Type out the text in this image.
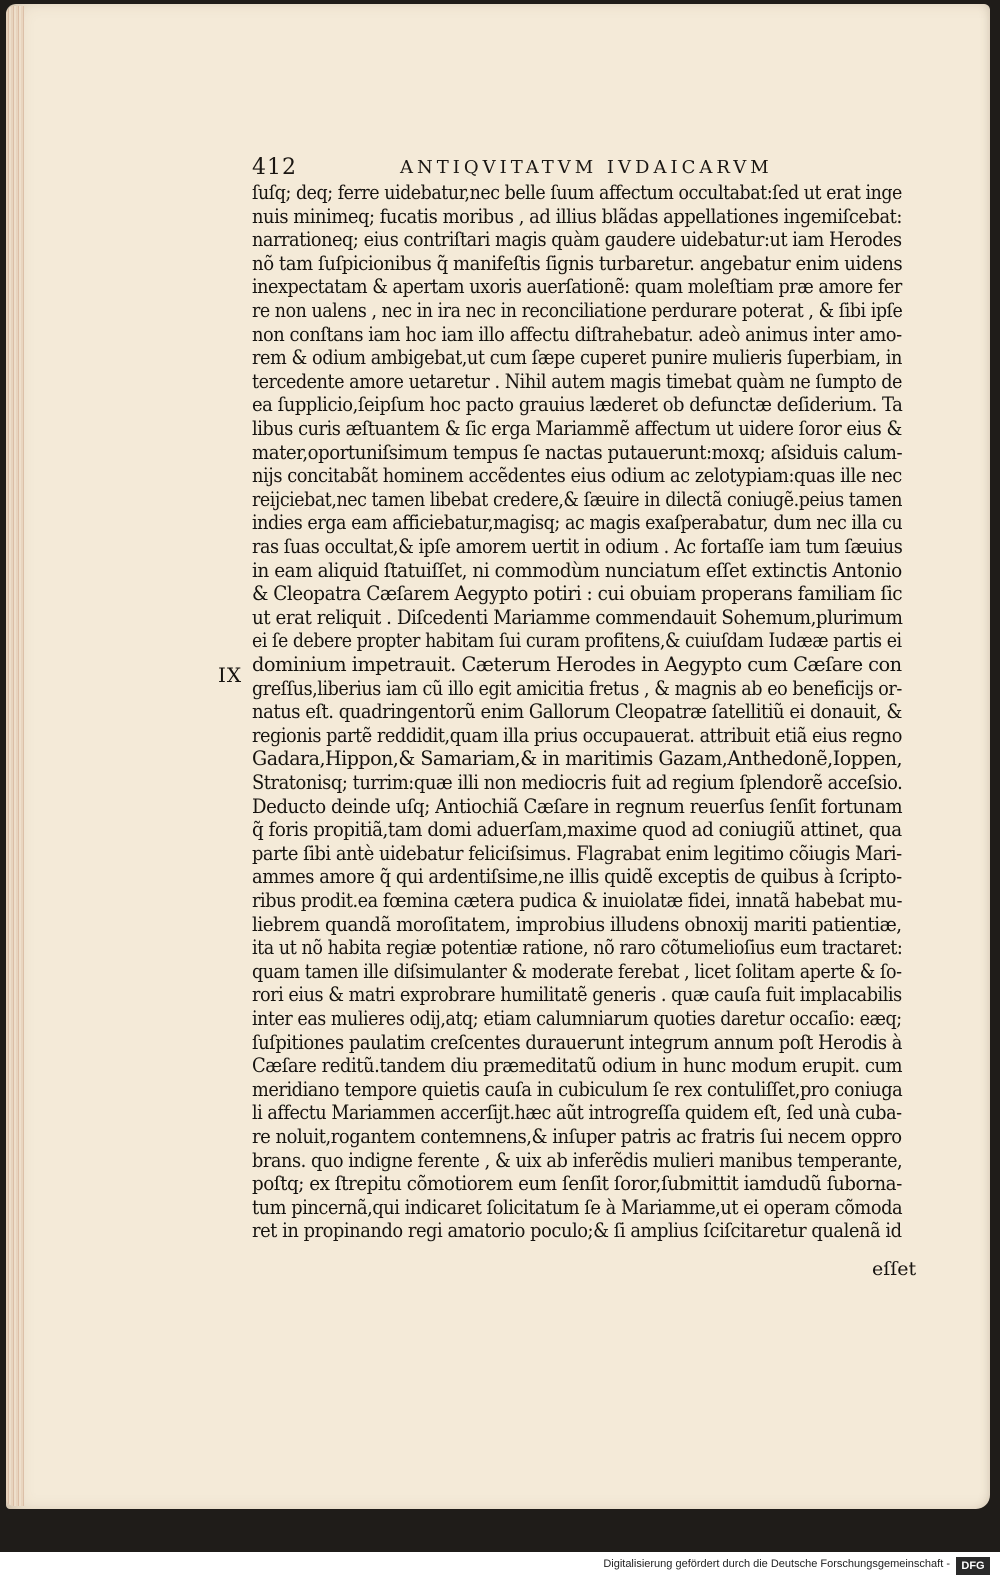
412	ANTIQVITATVM IVDAICARVM
IX
ſuſq; deq; ferre uidebatur,nec belle ſuum affectum occultabat:ſed ut erat inge
nuis minimeq; fucatis moribus , ad illius blãdas appellationes ingemiſcebat:
narrationeq; eius contriſtari magis quàm gaudere uidebatur:ut iam Herodes
nõ tam ſuſpicionibus q̃ manifeſtis ſignis turbaretur. angebatur enim uidens
inexpectatam & apertam uxoris auerſationẽ: quam moleſtiam præ amore fer
re non ualens , nec in ira nec in reconciliatione perdurare poterat , & ſibi ipſe
non conſtans iam hoc iam illo affectu diſtrahebatur. adeò animus inter amo-
rem & odium ambigebat,ut cum ſæpe cuperet punire mulieris ſuperbiam, in
tercedente amore uetaretur . Nihil autem magis timebat quàm ne ſumpto de
ea ſupplicio,ſeipſum hoc pacto grauius læderet ob defunctæ deſiderium. Ta
libus curis æſtuantem & ſic erga Mariammẽ affectum ut uidere ſoror eius &
mater,oportuniſsimum tempus ſe nactas putauerunt:moxq; aſsiduis calum-
nijs concitabãt hominem accẽdentes eius odium ac zelotypiam:quas ille nec
reijciebat,nec tamen libebat credere,& ſæuire in dilectã coniugẽ.peius tamen
indies erga eam afficiebatur,magisq; ac magis exaſperabatur, dum nec illa cu
ras ſuas occultat,& ipſe amorem uertit in odium . Ac fortaſſe iam tum ſæuius
in eam aliquid ſtatuiſſet, ni commodùm nunciatum eſſet extinctis Antonio
& Cleopatra Cæſarem Aegypto potiri : cui obuiam properans familiam ſic
ut erat reliquit . Diſcedenti Mariamme commendauit Sohemum,plurimum
ei ſe debere propter habitam ſui curam profitens,& cuiuſdam Iudææ partis ei
dominium impetrauit. Cæterum Herodes in Aegypto cum Cæſare con
greſſus,liberius iam cũ illo egit amicitia fretus , & magnis ab eo beneficijs or-
natus eſt. quadringentorũ enim Gallorum Cleopatræ ſatellitiũ ei donauit, &
regionis partẽ reddidit,quam illa prius occupauerat. attribuit etiã eius regno
Gadara,Hippon,& Samariam,& in maritimis Gazam,Anthedonẽ,Ioppen,
Stratonisq; turrim:quæ illi non mediocris fuit ad regium ſplendorẽ acceſsio.
Deducto deinde uſq; Antiochiã Cæſare in regnum reuerſus ſenſit fortunam
q̃ foris propitiã,tam domi aduerſam,maxime quod ad coniugiũ attinet, qua
parte ſibi antè uidebatur feliciſsimus. Flagrabat enim legitimo cõiugis Mari-
ammes amore q̃ qui ardentiſsime,ne illis quidẽ exceptis de quibus à ſcripto-
ribus prodit.ea fœmina cætera pudica & inuiolatæ fidei, innatã habebat mu-
liebrem quandã moroſitatem, improbius illudens obnoxij mariti patientiæ,
ita ut nõ habita regiæ potentiæ ratione, nõ raro cõtumelioſius eum tractaret:
quam tamen ille diſsimulanter & moderate ferebat , licet ſolitam aperte & ſo-
rori eius & matri exprobrare humilitatẽ generis . quæ cauſa fuit implacabilis
inter eas mulieres odij,atq; etiam calumniarum quoties daretur occaſio: eæq;
ſuſpitiones paulatim creſcentes durauerunt integrum annum poſt Herodis à
Cæſare reditũ.tandem diu præmeditatũ odium in hunc modum erupit. cum
meridiano tempore quietis cauſa in cubiculum ſe rex contuliſſet,pro coniuga
li affectu Mariammen accerſijt.hæc aũt introgreſſa quidem eſt, ſed unà cuba-
re noluit,rogantem contemnens,& inſuper patris ac fratris ſui necem oppro
brans. quo indigne ferente , & uix ab inferẽdis mulieri manibus temperante,
poſtq; ex ſtrepitu cõmotiorem eum ſenſit ſoror,ſubmittit iamdudũ ſuborna-
tum pincernã,qui indicaret ſolicitatum ſe à Mariamme,ut ei operam cõmoda
ret in propinando regi amatorio poculo;& ſi amplius ſciſcitaretur qualenã id
eſſet
Digitalisierung gefördert durch die Deutsche Forschungsgemeinschaft -	DFG
